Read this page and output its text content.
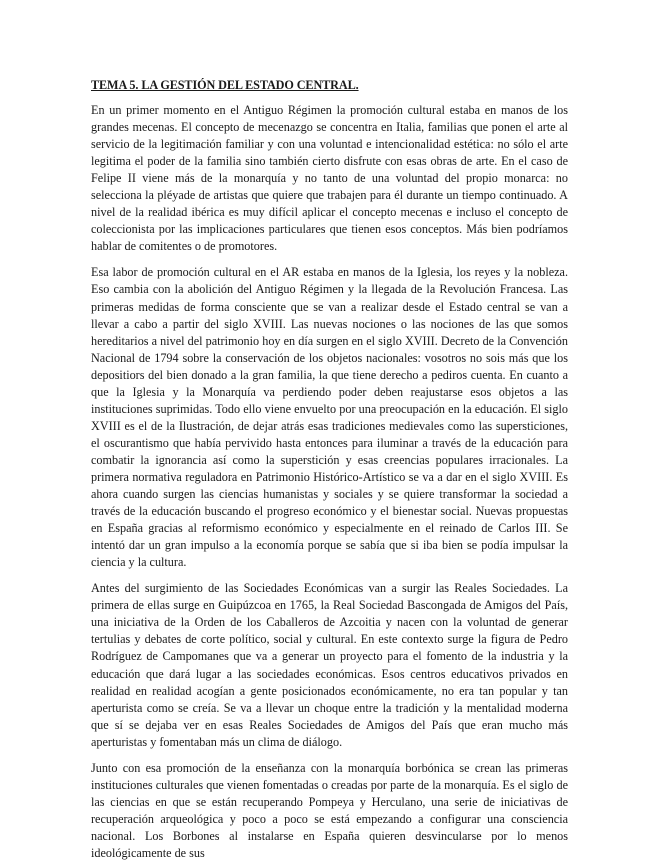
TEMA 5. LA GESTIÓN DEL ESTADO CENTRAL.

En un primer momento en el Antiguo Régimen la promoción cultural estaba en manos de los grandes mecenas. El concepto de mecenazgo se concentra en Italia, familias que ponen el arte al servicio de la legitimación familiar y con una voluntad e intencionalidad estética: no sólo el arte legitima el poder de la familia sino también cierto disfrute con esas obras de arte. En el caso de Felipe II viene más de la monarquía y no tanto de una voluntad del propio monarca: no selecciona la pléyade de artistas que quiere que trabajen para él durante un tiempo continuado. A nivel de la realidad ibérica es muy difícil aplicar el concepto mecenas e incluso el concepto de coleccionista por las implicaciones particulares que tienen esos conceptos. Más bien podríamos hablar de comitentes o de promotores.

Esa labor de promoción cultural en el AR estaba en manos de la Iglesia, los reyes y la nobleza. Eso cambia con la abolición del Antiguo Régimen y la llegada de la Revolución Francesa. Las primeras medidas de forma consciente que se van a realizar desde el Estado central se van a llevar a cabo a partir del siglo XVIII. Las nuevas nociones o las nociones de las que somos hereditarios a nivel del patrimonio hoy en día surgen en el siglo XVIII. Decreto de la Convención Nacional de 1794 sobre la conservación de los objetos nacionales: vosotros no sois más que los depositiors del bien donado a la gran familia, la que tiene derecho a pediros cuenta. En cuanto a que la Iglesia y la Monarquía va perdiendo poder deben reajustarse esos objetos a las instituciones suprimidas. Todo ello viene envuelto por una preocupación en la educación. El siglo XVIII es el de la Ilustración, de dejar atrás esas tradiciones medievales como las supersticiones, el oscurantismo que había pervivido hasta entonces para iluminar a través de la educación para combatir la ignorancia así como la superstición y esas creencias populares irracionales. La primera normativa reguladora en Patrimonio Histórico-Artístico se va a dar en el siglo XVIII. Es ahora cuando surgen las ciencias humanistas y sociales y se quiere transformar la sociedad a través de la educación buscando el progreso económico y el bienestar social. Nuevas propuestas en España gracias al reformismo económico y especialmente en el reinado de Carlos III. Se intentó dar un gran impulso a la economía porque se sabía que si iba bien se podía impulsar la ciencia y la cultura.

Antes del surgimiento de las Sociedades Económicas van a surgir las Reales Sociedades. La primera de ellas surge en Guipúzcoa en 1765, la Real Sociedad Bascongada de Amigos del País, una iniciativa de la Orden de los Caballeros de Azcoitia y nacen con la voluntad de generar tertulias y debates de corte político, social y cultural. En este contexto surge la figura de Pedro Rodríguez de Campomanes que va a generar un proyecto para el fomento de la industria y la educación que dará lugar a las sociedades económicas. Esos centros educativos privados en realidad en realidad acogían a gente posicionados económicamente, no era tan popular y tan aperturista como se creía. Se va a llevar un choque entre la tradición y la mentalidad moderna que sí se dejaba ver en esas Reales Sociedades de Amigos del País que eran mucho más aperturistas y fomentaban más un clima de diálogo.

Junto con esa promoción de la enseñanza con la monarquía borbónica se crean las primeras instituciones culturales que vienen fomentadas o creadas por parte de la monarquía. Es el siglo de las ciencias en que se están recuperando Pompeya y Herculano, una serie de iniciativas de recuperación arqueológica y poco a poco se está empezando a configurar una consciencia nacional. Los Borbones al instalarse en España quieren desvincularse por lo menos ideológicamente de sus
